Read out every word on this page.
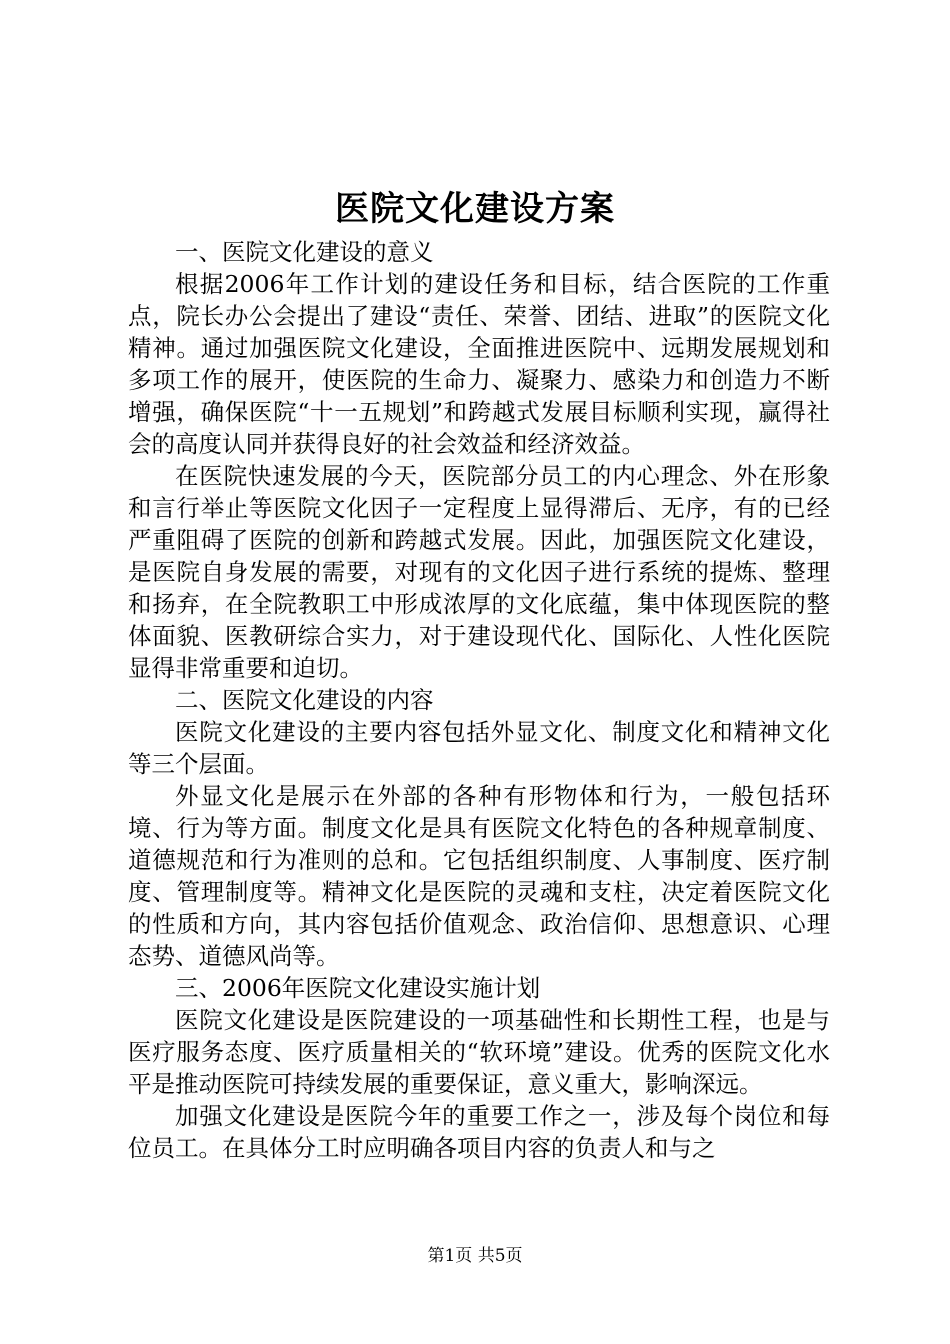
医院文化建设方案

一、医院文化建设的意义

根据2006年工作计划的建设任务和目标，结合医院的工作重点，院长办公会提出了建设“责任、荣誉、团结、进取”的医院文化精神。通过加强医院文化建设，全面推进医院中、远期发展规划和多项工作的展开，使医院的生命力、凝聚力、感染力和创造力不断增强，确保医院“十一五规划”和跨越式发展目标顺利实现，赢得社会的高度认同并获得良好的社会效益和经济效益。

在医院快速发展的今天，医院部分员工的内心理念、外在形象和言行举止等医院文化因子一定程度上显得滞后、无序，有的已经严重阻碍了医院的创新和跨越式发展。因此，加强医院文化建设，是医院自身发展的需要，对现有的文化因子进行系统的提炼、整理和扬弃，在全院教职工中形成浓厚的文化底蕴，集中体现医院的整体面貌、医教研综合实力，对于建设现代化、国际化、人性化医院显得非常重要和迫切。

二、医院文化建设的内容

医院文化建设的主要内容包括外显文化、制度文化和精神文化等三个层面。

外显文化是展示在外部的各种有形物体和行为，一般包括环境、行为等方面。制度文化是具有医院文化特色的各种规章制度、道德规范和行为准则的总和。它包括组织制度、人事制度、医疗制度、管理制度等。精神文化是医院的灵魂和支柱，决定着医院文化的性质和方向，其内容包括价值观念、政治信仰、思想意识、心理态势、道德风尚等。

三、2006年医院文化建设实施计划

医院文化建设是医院建设的一项基础性和长期性工程，也是与医疗服务态度、医疗质量相关的“软环境”建设。优秀的医院文化水平是推动医院可持续发展的重要保证，意义重大，影响深远。

加强文化建设是医院今年的重要工作之一，涉及每个岗位和每位员工。在具体分工时应明确各项目内容的负责人和与之

第1页 共5页
